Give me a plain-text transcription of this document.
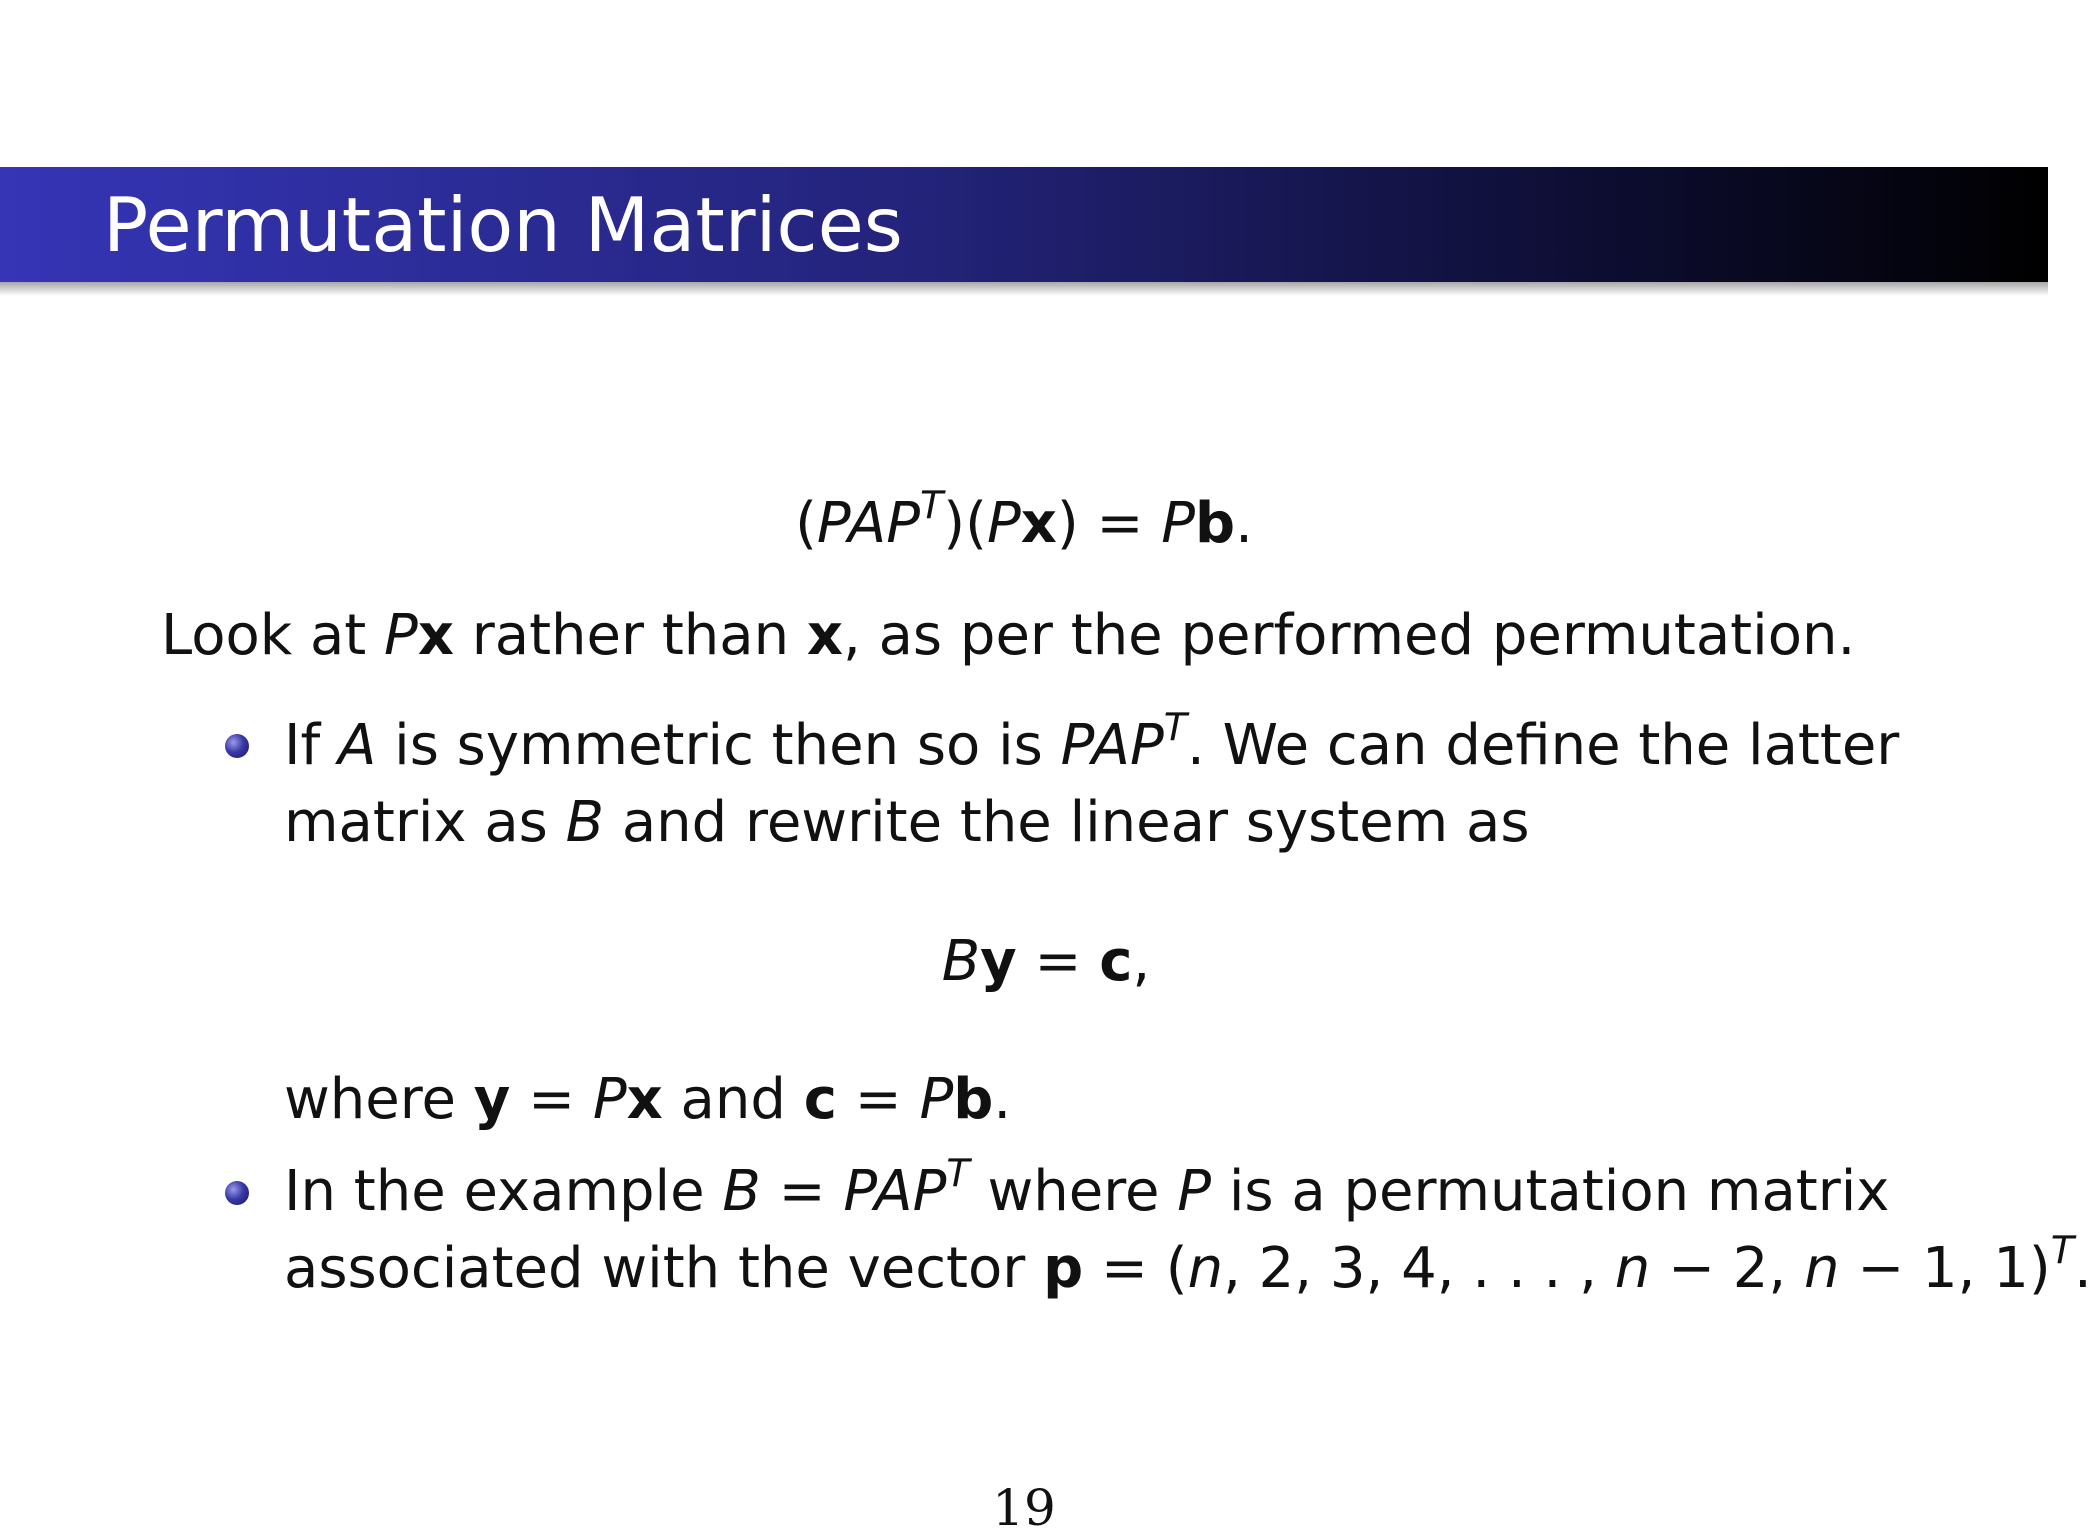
Permutation Matrices
$(PAP^T)(Px) = Pb$.
Look at Px rather than x, as per the performed permutation.
If A is symmetric then so is $PAP^T$. We can define the latter
matrix as B and rewrite the linear system as
By = c,
where y = Px and c = Pb.
In the example $B = PAP^T$ where P is a permutation matrix
associated with the vector p = (n, 2, 3, 4, . . . , n − 2, n − 1, 1)$^T$.
19
